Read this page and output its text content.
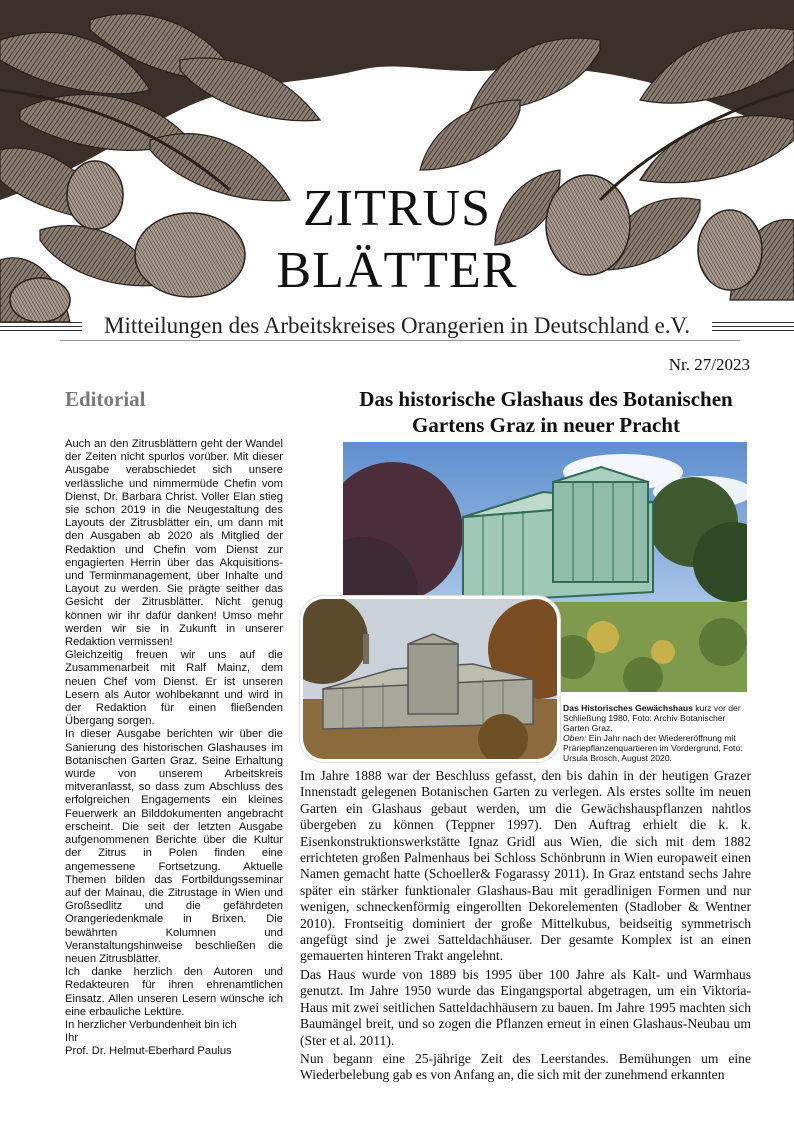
ZITRUS
BLÄTTER
Mitteilungen des Arbeitskreises Orangerien in Deutschland e.V.
Nr. 27/2023
Editorial

Auch an den Zitrusblättern geht der Wandel der Zeiten nicht spurlos vorüber. Mit dieser Ausgabe verabschiedet sich unsere verlässliche und nimmermüde Chefin vom Dienst, Dr. Barbara Christ. Voller Elan stieg sie schon 2019 in die Neugestaltung des Layouts der Zitrusblätter ein, um dann mit den Ausgaben ab 2020 als Mitglied der Redaktion und Chefin vom Dienst zur engagierten Herrin über das Akquisitions- und Terminmanagement, über Inhalte und Layout zu werden. Sie prägte seither das Gesicht der Zitrusblätter. Nicht genug können wir ihr dafür danken! Umso mehr werden wir sie in Zukunft in unserer Redaktion vermissen!

Gleichzeitig freuen wir uns auf die Zusammenarbeit mit Ralf Mainz, dem neuen Chef vom Dienst. Er ist unseren Lesern als Autor wohlbekannt und wird in der Redaktion für einen fließenden Übergang sorgen.

In dieser Ausgabe berichten wir über die Sanierung des historischen Glashauses im Botanischen Garten Graz. Seine Erhaltung wurde von unserem Arbeitskreis mitveranlasst, so dass zum Abschluss des erfolgreichen Engagements ein kleines Feuerwerk an Bilddokumenten angebracht erscheint. Die seit der letzten Ausgabe aufgenommenen Berichte über die Kultur der Zitrus in Polen finden eine angemessene Fortsetzung. Aktuelle Themen bilden das Fortbildungsseminar auf der Mainau, die Zitrustage in Wien und Großsedlitz und die gefährdeten Orangeriedenkmale in Brixen. Die bewährten Kolumnen und Veranstaltungshinweise beschließen die neuen Zitrusblätter.

Ich danke herzlich den Autoren und Redakteuren für ihren ehrenamtlichen Einsatz. Allen unseren Lesern wünsche ich eine erbauliche Lektüre.

In herzlicher Verbundenheit bin ich

Ihr

Prof. Dr. Helmut-Eberhard Paulus

Das historische Glashaus des Botanischen
Gartens Graz in neuer Pracht
Das Historisches Gewächshaus kurz vor der Schließung 1980, Foto: Archiv Botanischer Garten Graz.
Oben: Ein Jahr nach der Wiedereröffnung mit Präriepflanzenquartieren im Vordergrund, Foto: Ursula Brosch, August 2020.

Im Jahre 1888 war der Beschluss gefasst, den bis dahin in der heutigen Grazer Innenstadt gelegenen Botanischen Garten zu verlegen. Als erstes sollte im neuen Garten ein Glashaus gebaut werden, um die Gewächshauspflanzen nahtlos übergeben zu können (Teppner 1997). Den Auftrag erhielt die k. k. Eisenkonstruktionswerkstätte Ignaz Gridl aus Wien, die sich mit dem 1882 errichteten großen Palmenhaus bei Schloss Schönbrunn in Wien europaweit einen Namen gemacht hatte (Schoeller& Fogarassy 2011). In Graz entstand sechs Jahre später ein stärker funktionaler Glashaus-Bau mit geradlinigen Formen und nur wenigen, schneckenförmig eingerollten Dekorelementen (Stadlober & Wentner 2010). Frontseitig dominiert der große Mittelkubus, beidseitig symmetrisch angefügt sind je zwei Satteldachhäuser. Der gesamte Komplex ist an einen gemauerten hinteren Trakt angelehnt.

Das Haus wurde von 1889 bis 1995 über 100 Jahre als Kalt- und Warmhaus genutzt. Im Jahre 1950 wurde das Eingangsportal abgetragen, um ein Viktoria-Haus mit zwei seitlichen Satteldachhäusern zu bauen. Im Jahre 1995 machten sich Baumängel breit, und so zogen die Pflanzen erneut in einen Glashaus-Neubau um (Ster et al. 2011).

Nun begann eine 25-jährige Zeit des Leerstandes. Bemühungen um eine Wiederbelebung gab es von Anfang an, die sich mit der zunehmend erkannten
